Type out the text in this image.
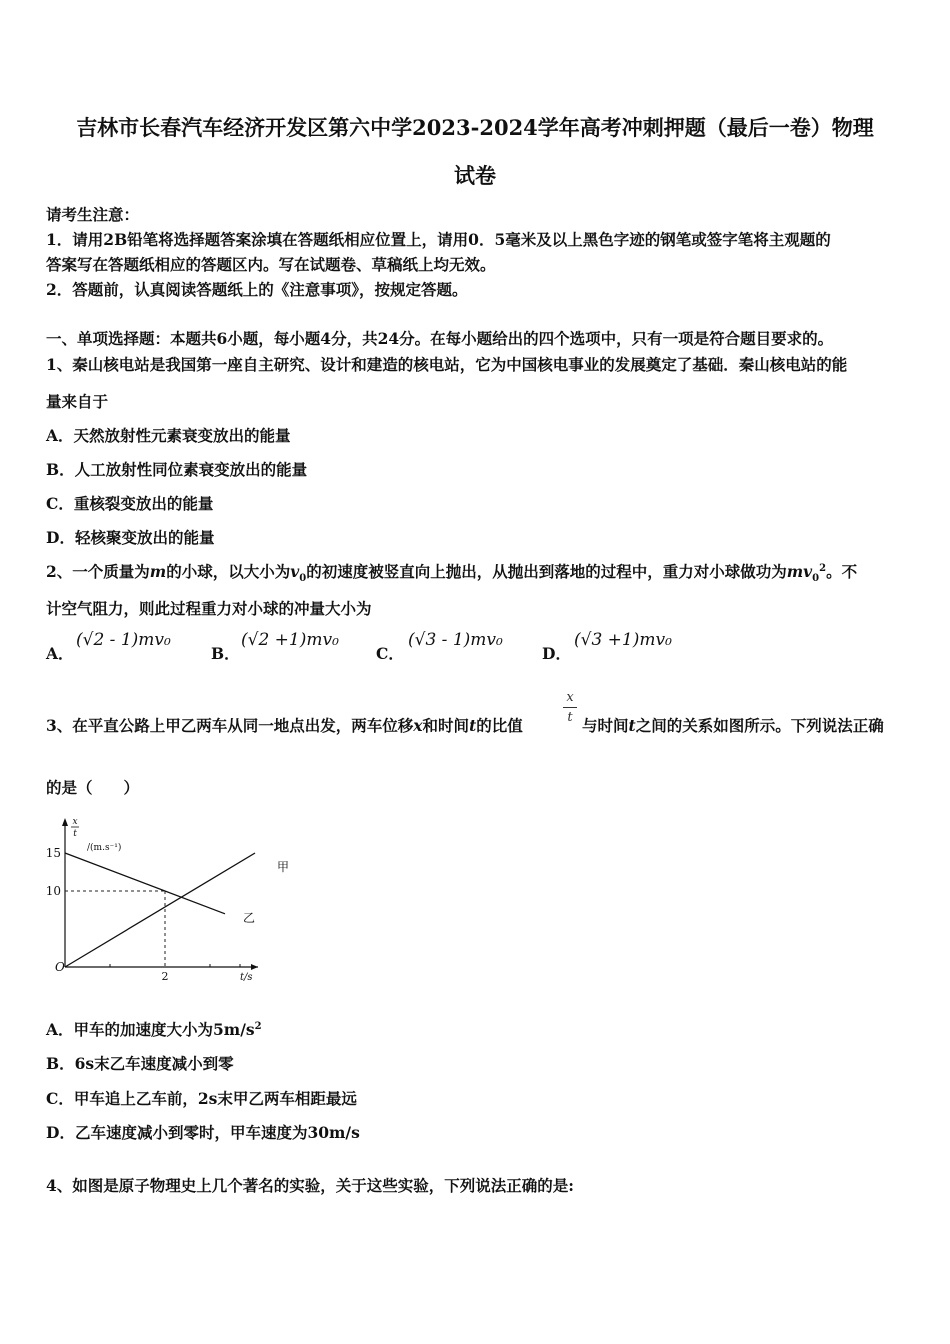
吉林市长春汽车经济开发区第六中学2023-2024学年高考冲刺押题（最后一卷）物理
试卷
请考生注意：
1．请用2B铅笔将选择题答案涂填在答题纸相应位置上，请用0．5毫米及以上黑色字迹的钢笔或签字笔将主观题的
答案写在答题纸相应的答题区内。写在试题卷、草稿纸上均无效。
2．答题前，认真阅读答题纸上的《注意事项》，按规定答题。
一、单项选择题：本题共6小题，每小题4分，共24分。在每小题给出的四个选项中，只有一项是符合题目要求的。
1、秦山核电站是我国第一座自主研究、设计和建造的核电站，它为中国核电事业的发展奠定了基础．秦山核电站的能
量来自于
A．天然放射性元素衰变放出的能量
B．人工放射性同位素衰变放出的能量
C．重核裂变放出的能量
D．轻核聚变放出的能量
2、一个质量为m的小球，以大小为$v_0$的初速度被竖直向上抛出，从抛出到落地的过程中，重力对小球做功为$mv_0^2$。不
计空气阻力，则此过程重力对小球的冲量大小为
A．
(√2 - 1)mv₀
B．
(√2 +1)mv₀
C．
(√3 - 1)mv₀
D．
(√3 +1)mv₀
x
t
3、在平直公路上甲乙两车从同一地点出发，两车位移x和时间t的比值	与时间t之间的关系如图所示。下列说法正确
的是（　　）
甲
乙
15
10
2
O
x
t
/(m.s⁻¹)
t/s
A．甲车的加速度大小为$5m/s^2$
B．6s末乙车速度减小到零
C．甲车追上乙车前，2s末甲乙两车相距最远
D．乙车速度减小到零时，甲车速度为30m/s
4、如图是原子物理史上几个著名的实验，关于这些实验，下列说法正确的是:
